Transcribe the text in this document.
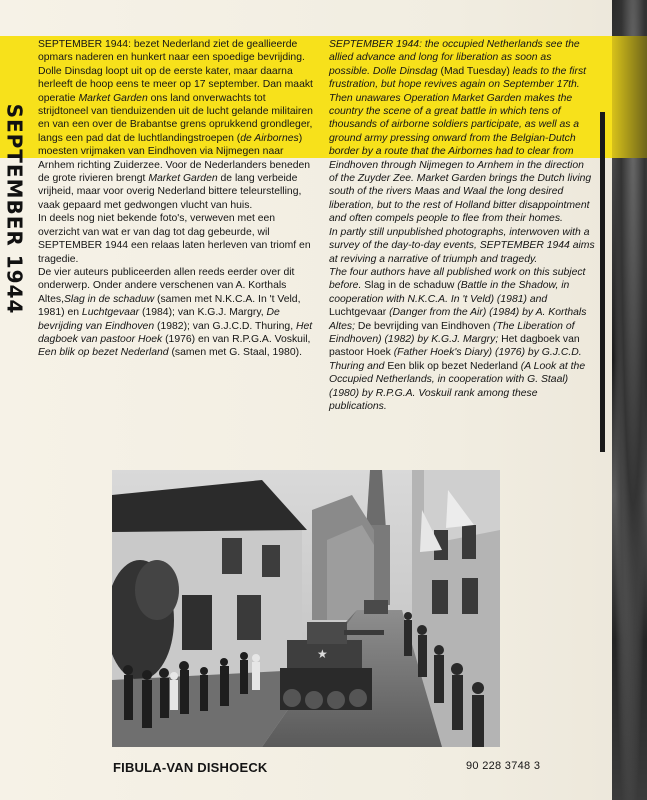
SEPTEMBER 1944

SEPTEMBER 1944: bezet Nederland ziet de geallieerde opmars naderen en hunkert naar een spoedige bevrijding. Dolle Dinsdag loopt uit op de eerste kater, maar daarna herleeft de hoop eens te meer op 17 september. Dan maakt operatie Market Garden ons land onverwachts tot strijdtoneel van tienduizenden uit de lucht gelande militairen en van een over de Brabantse grens oprukkend grondleger, langs een pad dat de luchtlandingstroepen (de Airbornes) moesten vrijmaken van Eindhoven via Nijmegen naar Arnhem richting Zuiderzee. Voor de Nederlanders beneden de grote rivieren brengt Market Garden de lang verbeide vrijheid, maar voor overig Nederland bittere teleurstelling, vaak gepaard met gedwongen vlucht van huis.

In deels nog niet bekende foto's, verweven met een overzicht van wat er van dag tot dag gebeurde, wil SEPTEMBER 1944 een relaas laten herleven van triomf en tragedie.

De vier auteurs publiceerden allen reeds eerder over dit onderwerp. Onder andere verschenen van A. Korthals Altes,Slag in de schaduw (samen met N.K.C.A. In 't Veld, 1981) en Luchtgevaar (1984); van K.G.J. Margry, De bevrijding van Eindhoven (1982); van G.J.C.D. Thuring, Het dagboek van pastoor Hoek (1976) en van R.P.G.A. Voskuil, Een blik op bezet Nederland (samen met G. Staal, 1980).

SEPTEMBER 1944: the occupied Netherlands see the allied advance and long for liberation as soon as possible. Dolle Dinsdag (Mad Tuesday) leads to the first frustration, but hope revives again on September 17th. Then unawares Operation Market Garden makes the country the scene of a great battle in which tens of thousands of airborne soldiers participate, as well as a ground army pressing onward from the Belgian-Dutch border by a route that the Airbornes had to clear from Eindhoven through Nijmegen to Arnhem in the direction of the Zuyder Zee. Market Garden brings the Dutch living south of the rivers Maas and Waal the long desired liberation, but to the rest of Holland bitter disappointment and often compels people to flee from their homes.

In partly still unpublished photographs, interwoven with a survey of the day-to-day events, SEPTEMBER 1944 aims at reviving a narrative of triumph and tragedy.

The four authors have all published work on this subject before. Slag in de schaduw (Battle in the Shadow, in cooperation with N.K.C.A. In 't Veld) (1981) and Luchtgevaar (Danger from the Air) (1984) by A. Korthals Altes; De bevrijding van Eindhoven (The Liberation of Eindhoven) (1982) by K.G.J. Margry; Het dagboek van pastoor Hoek (Father Hoek's Diary) (1976) by G.J.C.D. Thuring and Een blik op bezet Nederland (A Look at the Occupied Netherlands, in cooperation with G. Staal) (1980) by R.P.G.A. Voskuil rank among these publications.

★
FIBULA-VAN DISHOECK	90 228 3748 3
